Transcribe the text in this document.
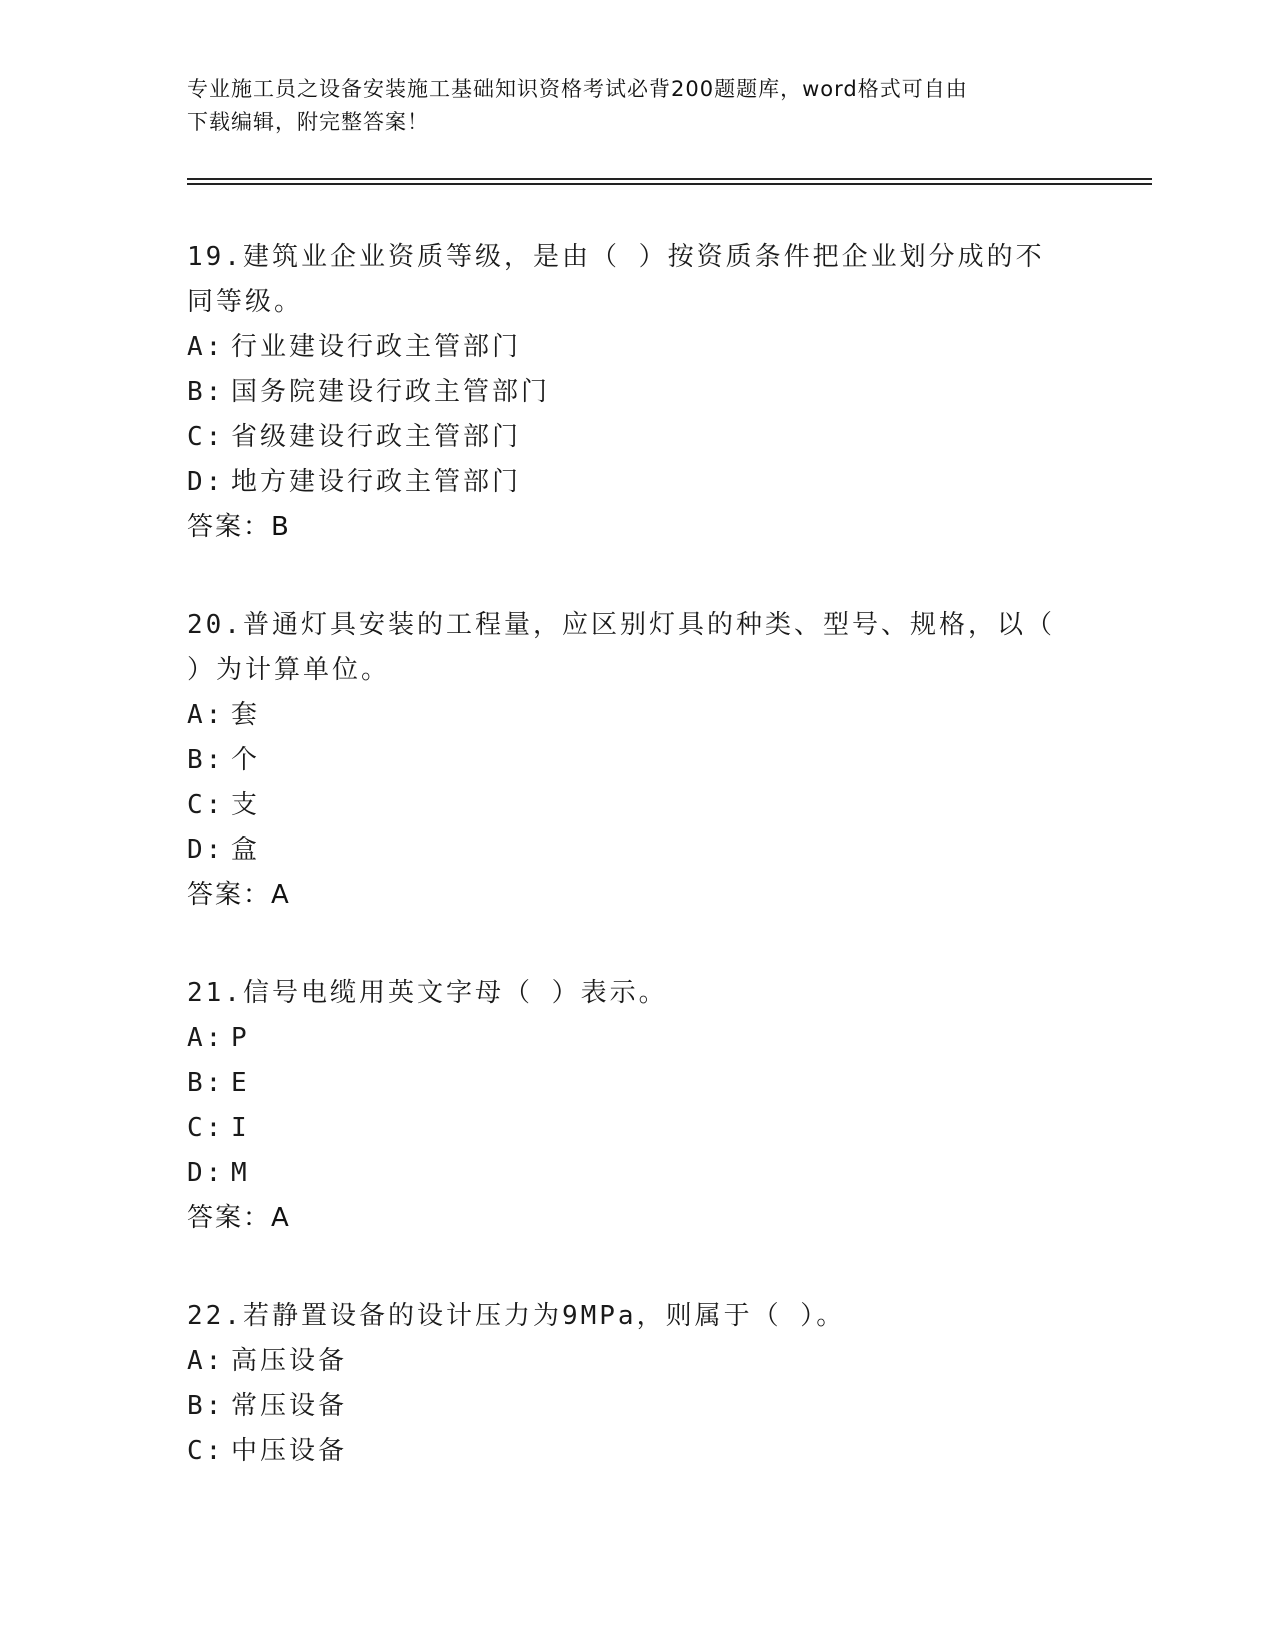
专业施工员之设备安装施工基础知识资格考试必背200题题库，word格式可自由
下载编辑，附完整答案！
19.建筑业企业资质等级，是由（ ）按资质条件把企业划分成的不同等级。
A: 行业建设行政主管部门
B: 国务院建设行政主管部门
C: 省级建设行政主管部门
D: 地方建设行政主管部门
答案：B
20.普通灯具安装的工程量，应区别灯具的种类、型号、规格，以（ ）为计算单位。
A: 套
B: 个
C: 支
D: 盒
答案：A
21.信号电缆用英文字母（ ）表示。
A: P
B: E
C: I
D: M
答案：A
22.若静置设备的设计压力为9MPa，则属于（ ）。
A: 高压设备
B: 常压设备
C: 中压设备
